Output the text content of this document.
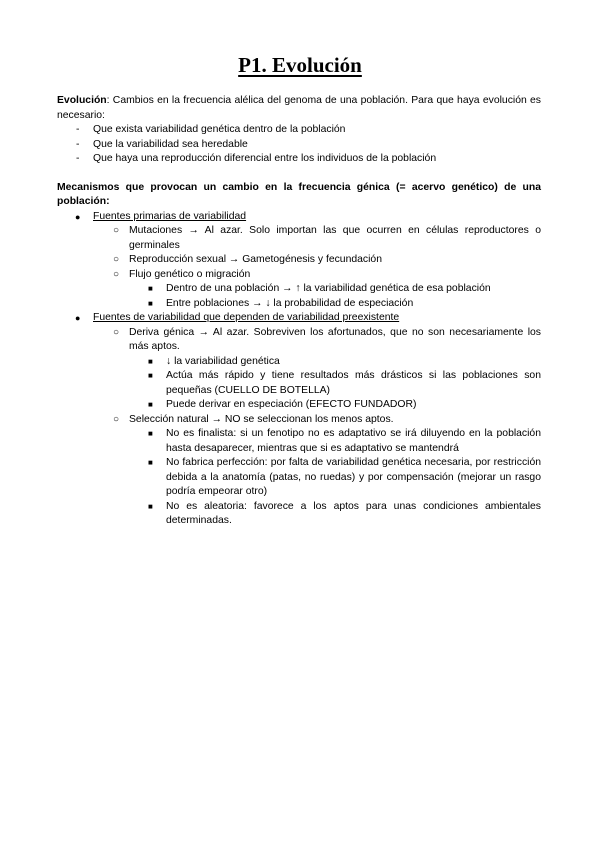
P1. Evolución

Evolución: Cambios en la frecuencia alélica del genoma de una población. Para que haya evolución es necesario:

- Que exista variabilidad genética dentro de la población
- Que la variabilidad sea heredable
- Que haya una reproducción diferencial entre los individuos de la población

Mecanismos que provocan un cambio en la frecuencia génica (= acervo genético) de una población:

● Fuentes primarias de variabilidad
○ Mutaciones → Al azar. Solo importan las que ocurren en células reproductores o germinales
○ Reproducción sexual → Gametogénesis y fecundación
○ Flujo genético o migración
■ Dentro de una población → ↑ la variabilidad genética de esa población
■ Entre poblaciones → ↓ la probabilidad de especiación
● Fuentes de variabilidad que dependen de variabilidad preexistente
○ Deriva génica → Al azar. Sobreviven los afortunados, que no son necesariamente los más aptos.
■ ↓ la variabilidad genética
■ Actúa más rápido y tiene resultados más drásticos si las poblaciones son pequeñas (CUELLO DE BOTELLA)
■ Puede derivar en especiación (EFECTO FUNDADOR)
○ Selección natural → NO se seleccionan los menos aptos.
■ No es finalista: si un fenotipo no es adaptativo se irá diluyendo en la población hasta desaparecer, mientras que si es adaptativo se mantendrá
■ No fabrica perfección: por falta de variabilidad genética necesaria, por restricción debida a la anatomía (patas, no ruedas) y por compensación (mejorar un rasgo podría empeorar otro)
■ No es aleatoria: favorece a los aptos para unas condiciones ambientales determinadas.
